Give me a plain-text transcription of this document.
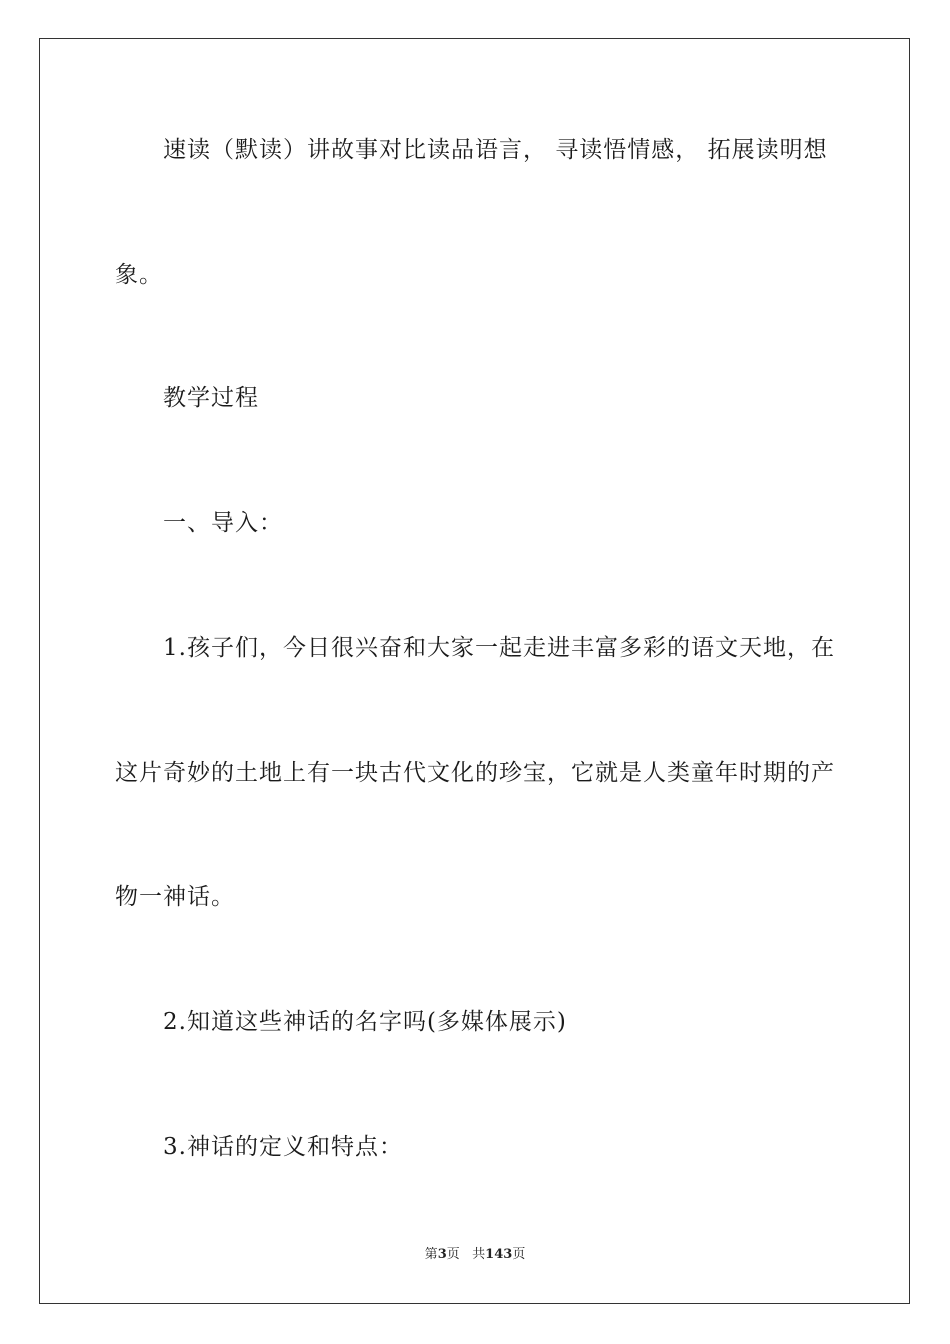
速读（默读）讲故事对比读品语言， 寻读悟情感， 拓展读明想
象。
教学过程
一、导入：
1.孩子们，今日很兴奋和大家一起走进丰富多彩的语文天地，在
这片奇妙的土地上有一块古代文化的珍宝，它就是人类童年时期的产
物一神话。
2.知道这些神话的名字吗(多媒体展示)
3.神话的定义和特点：
第3页 共143页
